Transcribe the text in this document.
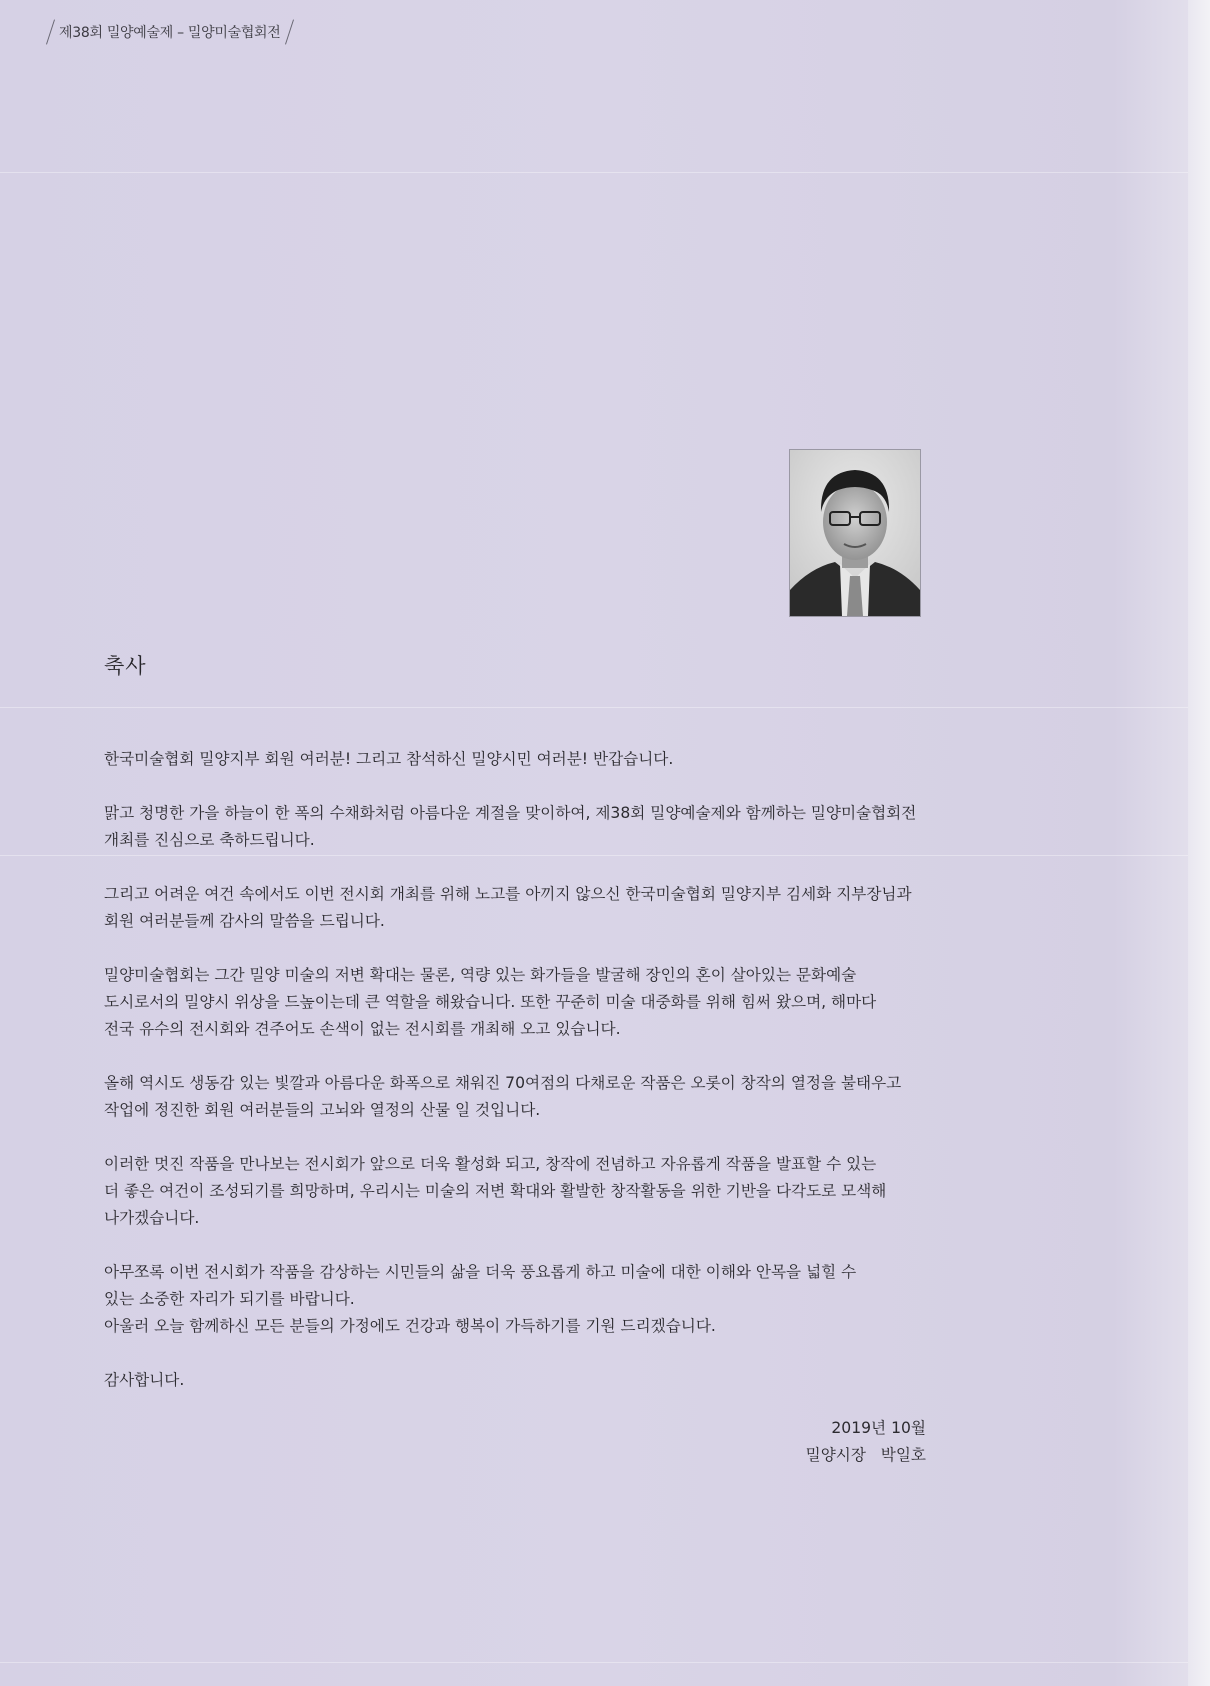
제38회 밀양예술제 – 밀양미술협회전
축사

한국미술협회 밀양지부 회원 여러분! 그리고 참석하신 밀양시민 여러분! 반갑습니다.

맑고 청명한 가을 하늘이 한 폭의 수채화처럼 아름다운 계절을 맞이하여, 제38회 밀양예술제와 함께하는 밀양미술협회전
개최를 진심으로 축하드립니다.

그리고 어려운 여건 속에서도 이번 전시회 개최를 위해 노고를 아끼지 않으신 한국미술협회 밀양지부 김세화 지부장님과
회원 여러분들께 감사의 말씀을 드립니다.

밀양미술협회는 그간 밀양 미술의 저변 확대는 물론, 역량 있는 화가들을 발굴해 장인의 혼이 살아있는 문화예술
도시로서의 밀양시 위상을 드높이는데 큰 역할을 해왔습니다. 또한 꾸준히 미술 대중화를 위해 힘써 왔으며, 해마다
전국 유수의 전시회와 견주어도 손색이 없는 전시회를 개최해 오고 있습니다.

올해 역시도 생동감 있는 빛깔과 아름다운 화폭으로 채워진 70여점의 다채로운 작품은 오롯이 창작의 열정을 불태우고
작업에 정진한 회원 여러분들의 고뇌와 열정의 산물 일 것입니다.

이러한 멋진 작품을 만나보는 전시회가 앞으로 더욱 활성화 되고, 창작에 전념하고 자유롭게 작품을 발표할 수 있는
더 좋은 여건이 조성되기를 희망하며, 우리시는 미술의 저변 확대와 활발한 창작활동을 위한 기반을 다각도로 모색해
나가겠습니다.

아무쪼록 이번 전시회가 작품을 감상하는 시민들의 삶을 더욱 풍요롭게 하고 미술에 대한 이해와 안목을 넓힐 수
있는 소중한 자리가 되기를 바랍니다.
아울러 오늘 함께하신 모든 분들의 가정에도 건강과 행복이 가득하기를 기원 드리겠습니다.

감사합니다.

2019년 10월
밀양시장   박일호
